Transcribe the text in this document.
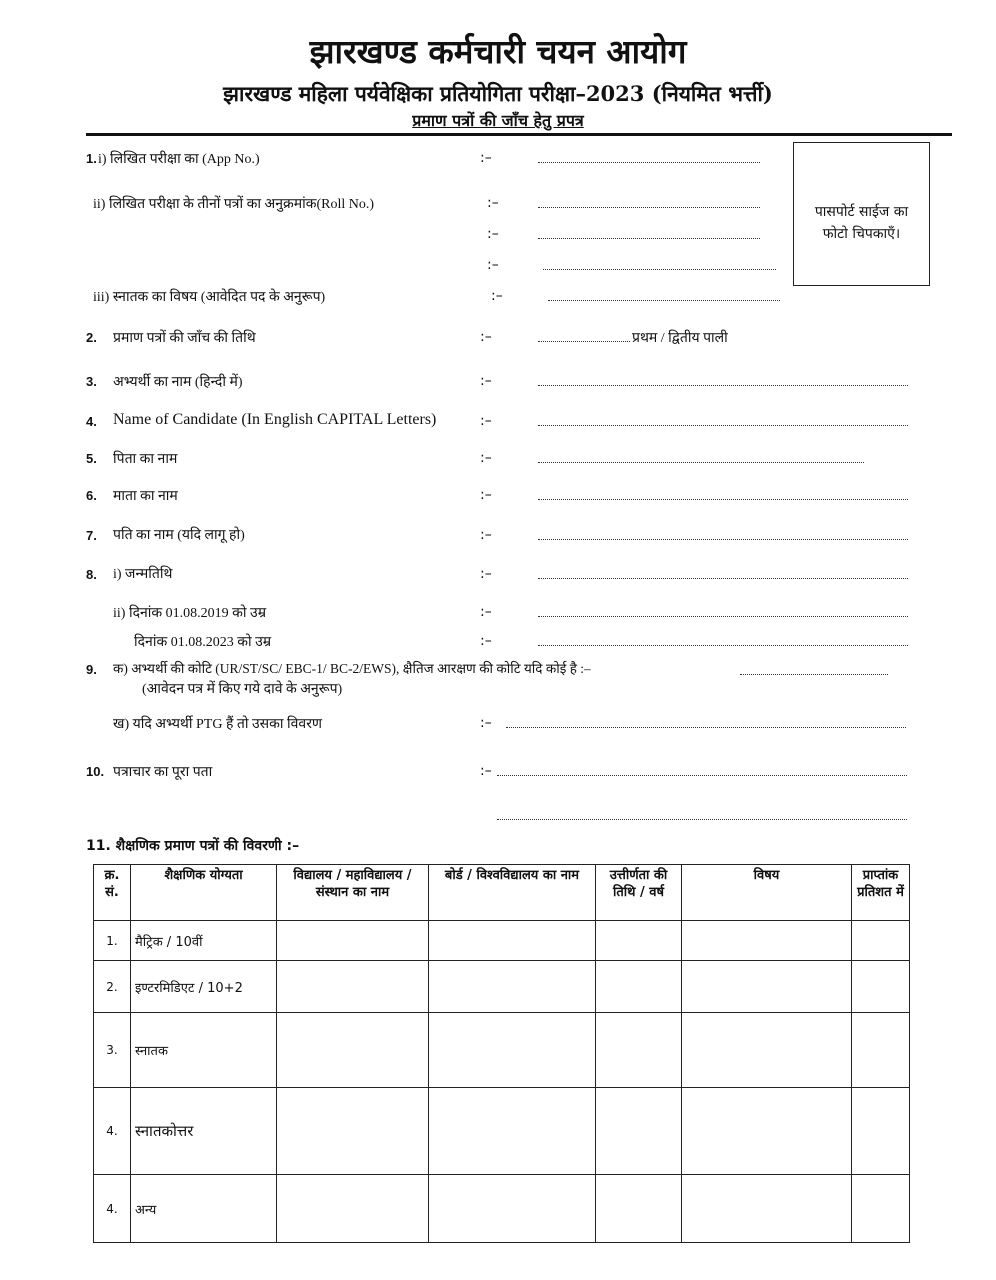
झारखण्ड कर्मचारी चयन आयोग
झारखण्ड महिला पर्यवेक्षिका प्रतियोगिता परीक्षा–2023 (नियमित भर्त्ती)
प्रमाण पत्रों की जाँच हेतु प्रपत्र
पासपोर्ट साईज का
फोटो चिपकाएँ।
1. i) लिखित परीक्षा का (App No.)	:–
ii) लिखित परीक्षा के तीनों पत्रों का अनुक्रमांक(Roll No.)	:–
:–
:–
iii) स्नातक का विषय (आवेदित पद के अनुरूप)	:–
2. प्रमाण पत्रों की जाँच की तिथि	:–	प्रथम / द्वितीय पाली
3. अभ्यर्थी का नाम (हिन्दी में)	:–
4. Name of Candidate (In English CAPITAL Letters)	:–
5. पिता का नाम	:–
6. माता का नाम	:–
7. पति का नाम (यदि लागू हो)	:–
8. i) जन्मतिथि	:–
ii) दिनांक 01.08.2019 को उम्र	:–
दिनांक 01.08.2023 को उम्र	:–
9. क) अभ्यर्थी की कोटि (UR/ST/SC/ EBC-1/ BC-2/EWS), क्षैतिज आरक्षण की कोटि यदि कोई है :–
(आवेदन पत्र में किए गये दावे के अनुरूप)
ख) यदि अभ्यर्थी PTG हैं तो उसका विवरण	:–
10. पत्राचार का पूरा पता	:–
11. शैक्षणिक प्रमाण पत्रों की विवरणी :–
क्र. सं.	शैक्षणिक योग्यता	विद्यालय / महाविद्यालय / संस्थान का नाम	बोर्ड / विश्वविद्यालय का नाम	उत्तीर्णता की तिथि / वर्ष	विषय	प्राप्तांक प्रतिशत में
1.	मैट्रिक / 10वीं					
2.	इण्टरमिडिएट / 10+2					
3.	स्नातक					
4.	स्नातकोत्तर					
4.	अन्य					
